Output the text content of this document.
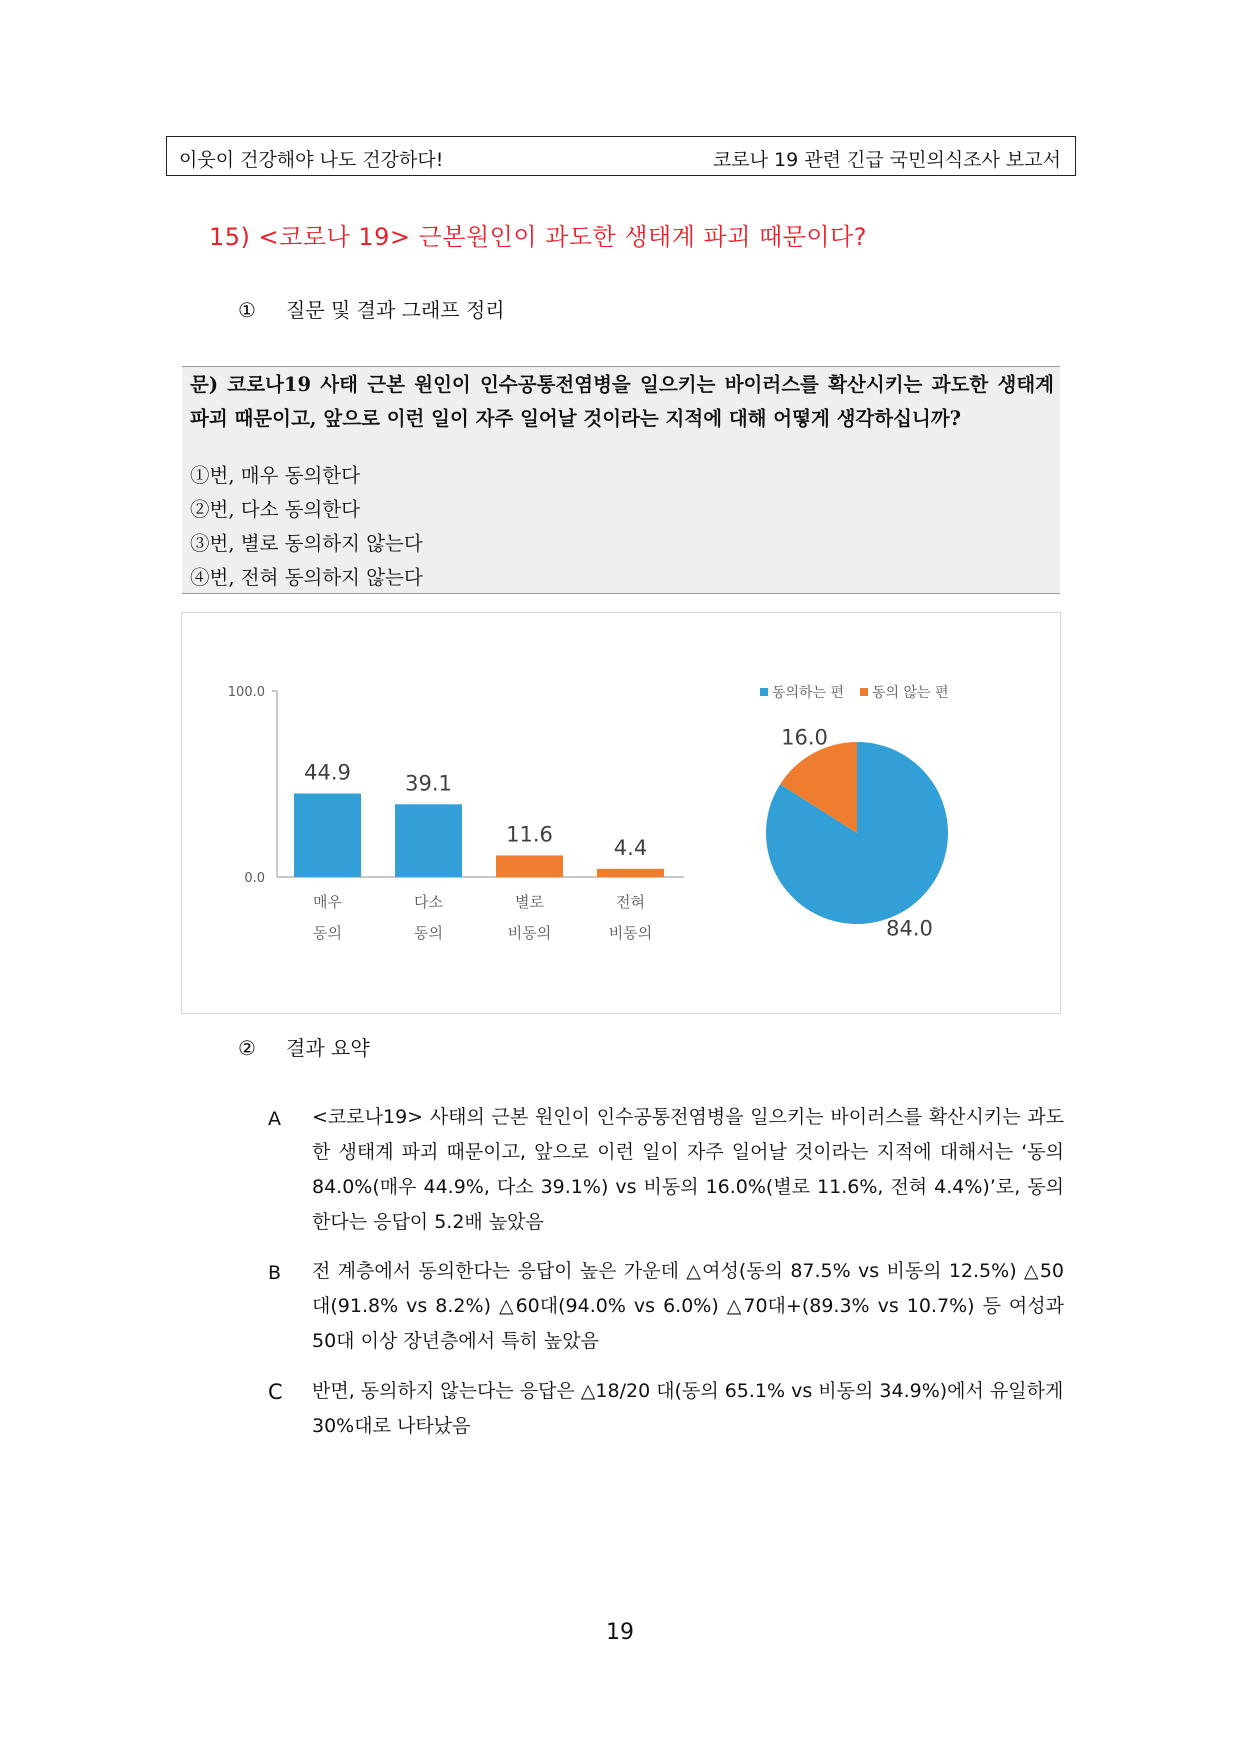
이웃이 건강해야 나도 건강하다!	코로나 19 관련 긴급 국민의식조사 보고서
15) <코로나 19> 근본원인이 과도한 생태계 파괴 때문이다?
① 질문 및 결과 그래프 정리
문) 코로나19 사태 근본 원인이 인수공통전염병을 일으키는 바이러스를 확산시키는 과도한 생태계 파괴 때문이고, 앞으로 이런 일이 자주 일어날 것이라는 지적에 대해 어떻게 생각하십니까?
①번, 매우 동의한다
②번, 다소 동의한다
③번, 별로 동의하지 않는다
④번, 전혀 동의하지 않는다
100.0
0.0
44.9
매우
동의
39.1
다소
동의
11.6
별로
비동의
4.4
전혀
비동의
동의하는 편 동의 않는 편
84.0
16.0
② 결과 요약
A <코로나19> 사태의 근본 원인이 인수공통전염병을 일으키는 바이러스를 확산시키는 과도한 생태계 파괴 때문이고, 앞으로 이런 일이 자주 일어날 것이라는 지적에 대해서는 ‘동의 84.0%(매우 44.9%, 다소 39.1%) vs 비동의 16.0%(별로 11.6%, 전혀 4.4%)’로, 동의한다는 응답이 5.2배 높았음
B 전 계층에서 동의한다는 응답이 높은 가운데 △여성(동의 87.5% vs 비동의 12.5%) △50대(91.8% vs 8.2%) △60대(94.0% vs 6.0%) △70대+(89.3% vs 10.7%) 등 여성과 50대 이상 장년층에서 특히 높았음
C 반면, 동의하지 않는다는 응답은 △18/20 대(동의 65.1% vs 비동의 34.9%)에서 유일하게 30%대로 나타났음
19
